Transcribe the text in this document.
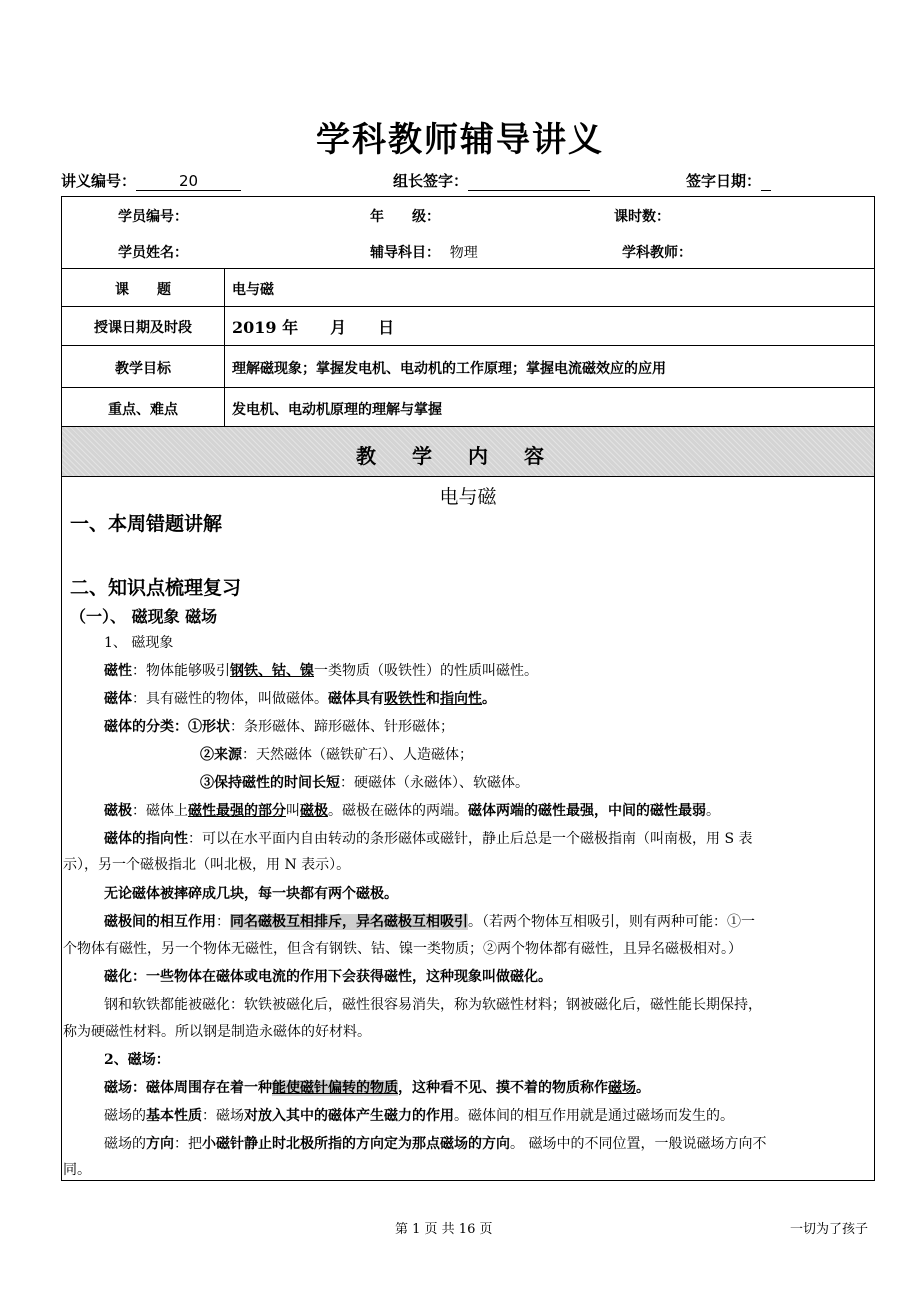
学科教师辅导讲义
讲义编号：	20	组长签字：	签字日期：
学员编号：	年　　级：	课时数：
学员姓名：	辅导科目： 物理	学科教师：
课　　题	电与磁
授课日期及时段	2019 年　　月　　日
教学目标	理解磁现象；掌握发电机、电动机的工作原理；掌握电流磁效应的应用
重点、难点	发电机、电动机原理的理解与掌握
教学内容
电与磁
一、本周错题讲解
二、知识点梳理复习
（一）、 磁现象 磁场
1、 磁现象
磁性：物体能够吸引钢铁、钴、镍一类物质（吸铁性）的性质叫磁性。
磁体：具有磁性的物体，叫做磁体。磁体具有吸铁性和指向性。
磁体的分类：①形状：条形磁体、蹄形磁体、针形磁体；
②来源：天然磁体（磁铁矿石）、人造磁体；
③保持磁性的时间长短：硬磁体（永磁体）、软磁体。
磁极：磁体上磁性最强的部分叫磁极。磁极在磁体的两端。磁体两端的磁性最强，中间的磁性最弱。
磁体的指向性：可以在水平面内自由转动的条形磁体或磁针，静止后总是一个磁极指南（叫南极，用 S 表
示），另一个磁极指北（叫北极，用 N 表示）。
无论磁体被摔碎成几块，每一块都有两个磁极。
磁极间的相互作用：同名磁极互相排斥，异名磁极互相吸引。（若两个物体互相吸引，则有两种可能：①一
个物体有磁性，另一个物体无磁性，但含有钢铁、钴、镍一类物质；②两个物体都有磁性，且异名磁极相对。）
磁化：一些物体在磁体或电流的作用下会获得磁性，这种现象叫做磁化。
钢和软铁都能被磁化：软铁被磁化后，磁性很容易消失，称为软磁性材料；钢被磁化后，磁性能长期保持，
称为硬磁性材料。所以钢是制造永磁体的好材料。
2、磁场：
磁场：磁体周围存在着一种能使磁针偏转的物质，这种看不见、摸不着的物质称作磁场。
磁场的基本性质：磁场对放入其中的磁体产生磁力的作用。磁体间的相互作用就是通过磁场而发生的。
磁场的方向：把小磁针静止时北极所指的方向定为那点磁场的方向。 磁场中的不同位置，一般说磁场方向不
同。
第 1 页 共 16 页	一切为了孩子
